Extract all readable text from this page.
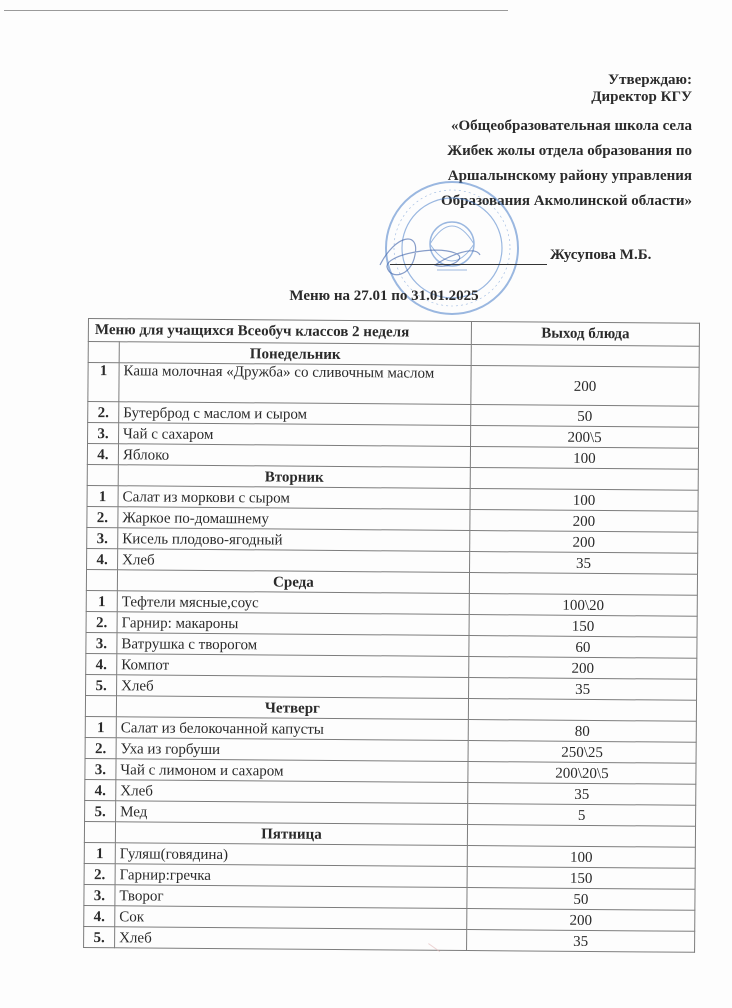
Утверждаю:
Директор КГУ
«Общеобразовательная школа села
Жибек жолы отдела образования по
Аршалынскому району управления
Образования Акмолинской области»
Жусупова М.Б.
Меню на 27.01 по 31.01.2025
Меню для учащихся Всеобуч классов 2 неделя		Выход блюда
	Понедельник	
1	Каша молочная «Дружба» со сливочным маслом	200
2.	Бутерброд с маслом и сыром	50
3.	Чай с сахаром	200\5
4.	Яблоко	100
	Вторник	
1	Салат из моркови с сыром	100
2.	Жаркое по-домашнему	200
3.	Кисель плодово-ягодный	200
4.	Хлеб	35
	Среда	
1	Тефтели мясные,соус	100\20
2.	Гарнир: макароны	150
3.	Ватрушка с творогом	60
4.	Компот	200
5.	Хлеб	35
	Четверг	
1	Салат из белокочанной капусты	80
2.	Уха из горбуши	250\25
3.	Чай с лимоном и сахаром	200\20\5
4.	Хлеб	35
5.	Мед	5
	Пятница	
1	Гуляш(говядина)	100
2.	Гарнир:гречка	150
3.	Творог	50
4.	Сок	200
5.	Хлеб	35
